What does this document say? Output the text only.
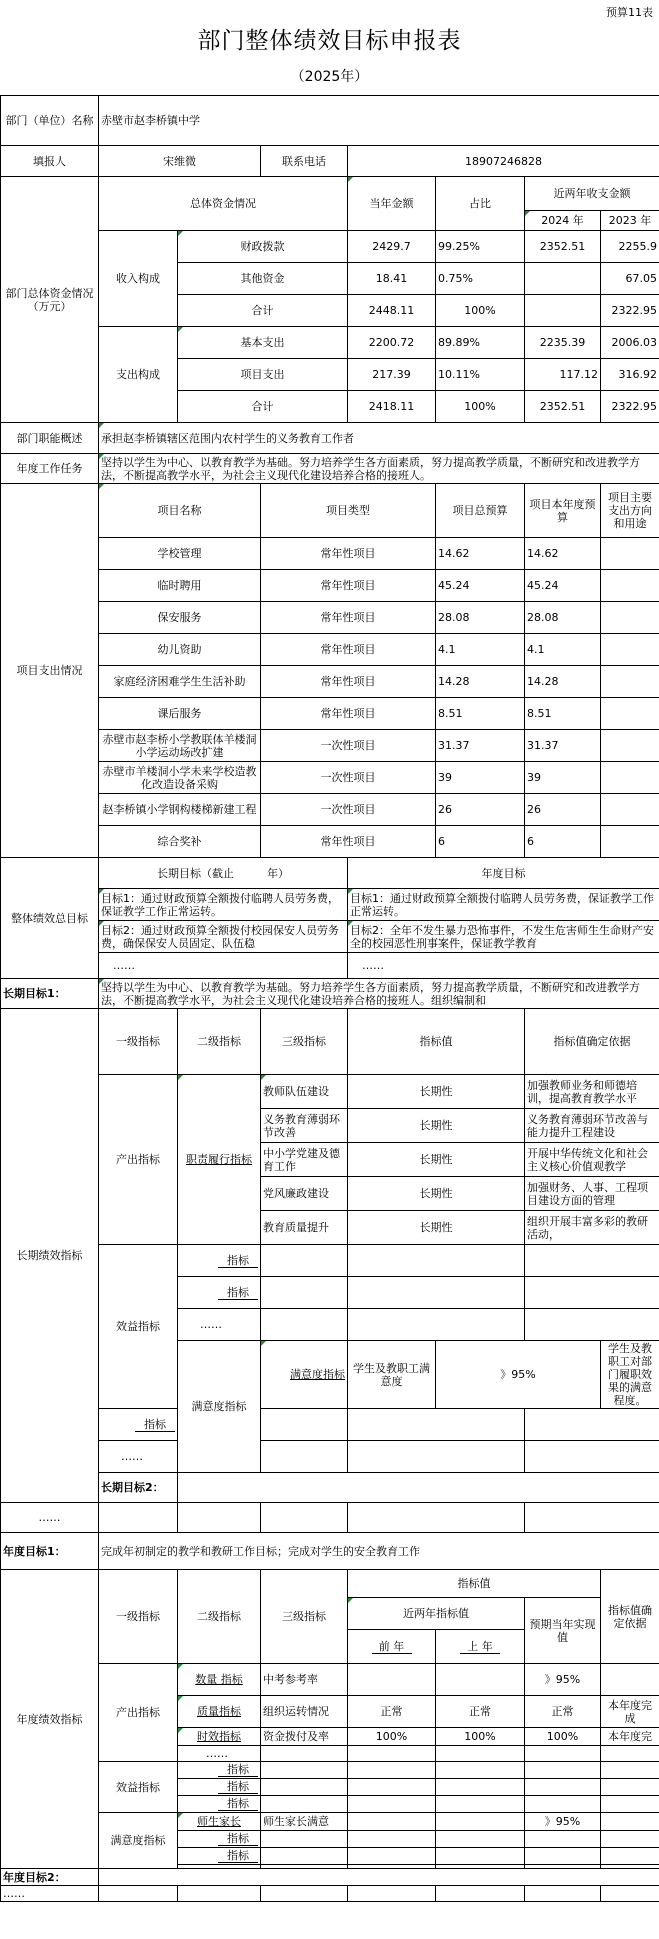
预算11表
部门整体绩效目标申报表
（2025年）
部门（单位）名称	赤壁市赵李桥镇中学						
填报人	宋维微		联系电话	18907246828			
部门总体资金情况（万元）	总体资金情况			当年金额	占比	近两年收支金额	
						2024 年	2023 年
	收入构成	财政拨款		2429.7	99.25%	2352.51	2255.9
		其他资金		18.41	0.75%		67.05
		合计		2448.11	100%		2322.95
	支出构成	基本支出		2200.72	89.89%	2235.39	2006.03
		项目支出		217.39	10.11%	117.12	316.92
		合计		2418.11	100%	2352.51	2322.95
部门职能概述	承担赵李桥镇辖区范围内农村学生的义务教育工作者						
年度工作任务	坚持以学生为中心、以教育教学为基础。努力培养学生各方面素质，努力提高教学质量，不断研究和改进教学方法，不断提高教学水平，为社会主义现代化建设培养合格的接班人。						
项目支出情况	项目名称		项目类型		项目总预算	项目本年度预算	项目主要支出方向和用途
	学校管理		常年性项目		14.62	14.62	
	临时聘用		常年性项目		45.24	45.24	
	保安服务		常年性项目		28.08	28.08	
	幼儿资助		常年性项目		4.1	4.1	
	家庭经济困难学生生活补助		常年性项目		14.28	14.28	
	课后服务		常年性项目		8.51	8.51	
	赤壁市赵李桥小学教联体羊楼洞小学运动场改扩建		一次性项目		31.37	31.37	
	赤壁市羊楼洞小学未来学校造教化改造设备采购		一次性项目		39	39	
	赵李桥镇小学钢构楼梯新建工程		一次性项目		26	26	
	综合奖补		常年性项目		6	6	
整体绩效总目标	长期目标（截止　　　年）			年度目标			
	目标1：通过财政预算全额拨付临聘人员劳务费，保证教学工作正常运转。			目标1：通过财政预算全额拨付临聘人员劳务费，保证教学工作正常运转。			
	目标2：通过财政预算全额拨付校园保安人员劳务费，确保保安人员固定、队伍稳			目标2：全年不发生暴力恐怖事件，不发生危害师生生命财产安全的校园恶性刑事案件，保证教学教育			
	……			……			
长期目标1：	坚持以学生为中心、以教育教学为基础。努力培养学生各方面素质，努力提高教学质量，不断研究和改进教学方法，不断提高教学水平，为社会主义现代化建设培养合格的接班人。组织编制和						
长期绩效指标	一级指标	二级指标	三级指标	指标值		指标值确定依据	
	产出指标	职责履行指标	教师队伍建设	长期性		加强教师业务和师德培训，提高教育教学水平	
			义务教育薄弱环节改善	长期性		义务教育薄弱环节改善与能力提升工程建设	
			中小学党建及德育工作	长期性		开展中华传统文化和社会主义核心价值观教学	
			党风廉政建设	长期性		加强财务、人事、工程项目建设方面的管理	
			教育质量提升	长期性		组织开展丰富多彩的教研活动，	
	效益指标	指标					
		指标					
		……					
		满意度指标	满意度指标	学生及教职工满意度	》95%		学生及教职工对部门履职效果的满意程度。
	指标						
	……						
	长期目标2：						
……							
年度目标1：	完成年初制定的教学和教研工作目标；完成对学生的安全教育工作						
年度绩效指标	一级指标	二级指标	三级指标	指标值			指标值确定依据
				近两年指标值		预期当年实现值	
				前 年	上 年		
	产出指标	数量 指标	中考参考率			》95%	
		质量指标	组织运转情况	正常	正常	正常	本年度完成
		时效指标	资金拨付及率	100%	100%	100%	本年度完
		……					
	效益指标	指标					
		指标					
		指标					
	满意度指标	师生家长	师生家长满意			》95%	
		指标					
		指标					

年度目标2：							
……							
